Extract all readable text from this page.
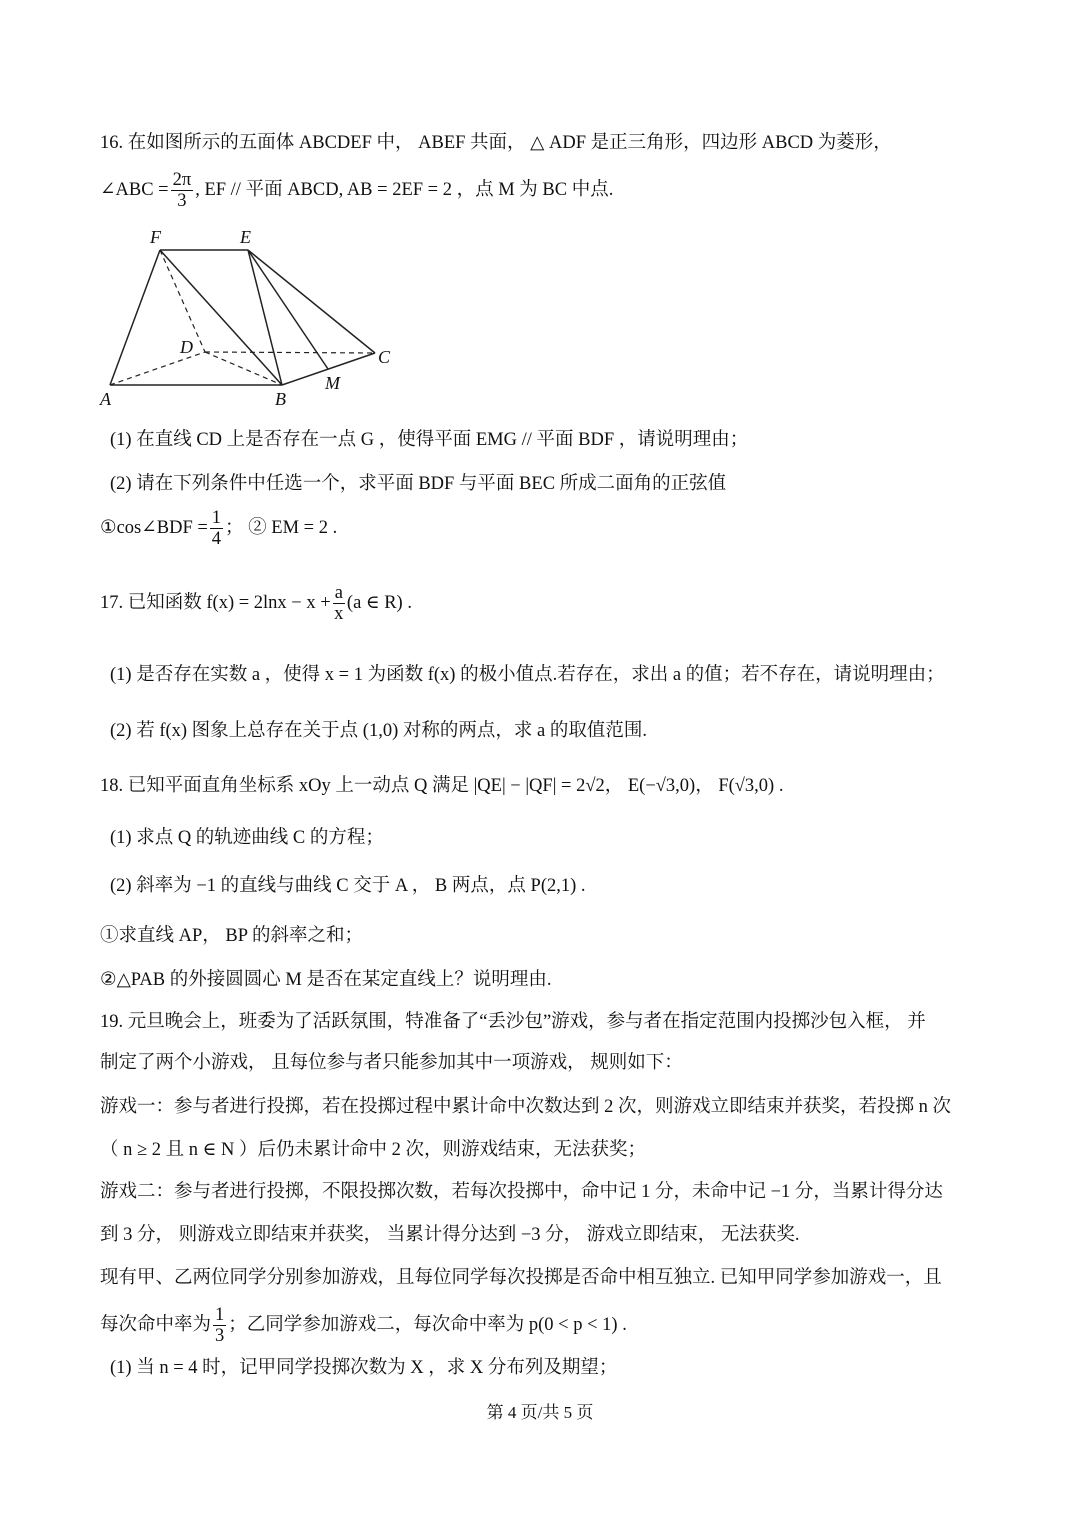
16. 在如图所示的五面体 ABCDEF 中， ABEF 共面， △ ADF 是正三角形，四边形 ABCD 为菱形，
∠ABC = $\frac{2\pi}{3}$ , EF // 平面 ABCD, AB = 2EF = 2 ，点 M 为 BC 中点.
F	E
D	C
A	B
M
(1) 在直线 CD 上是否存在一点 G ，使得平面 EMG // 平面 BDF ，请说明理由；
(2) 请在下列条件中任选一个，求平面 BDF 与平面 BEC 所成二面角的正弦值
①cos∠BDF = $\frac{1}{4}$ ； ② EM = 2 .
17. 已知函数 $f(x) = 2\ln x - x + \frac{a}{x} (a$ ∈ R) .
(1) 是否存在实数 a ，使得 x = 1 为函数 f(x) 的极小值点.若存在，求出 a 的值；若不存在，请说明理由；
(2) 若 f(x) 图象上总存在关于点 (1,0) 对称的两点，求 a 的取值范围.
18. 已知平面直角坐标系 xOy 上一动点 Q 满足 |QE| − |QF| = 2√2， E(−√3,0)， F(√3,0) .
(1) 求点 Q 的轨迹曲线 C 的方程；
(2) 斜率为 −1 的直线与曲线 C 交于 A ， B 两点，点 P(2,1) .
①求直线 AP， BP 的斜率之和；
②△PAB 的外接圆圆心 M 是否在某定直线上？说明理由.
19. 元旦晚会上，班委为了活跃氛围，特准备了“丢沙包”游戏，参与者在指定范围内投掷沙包入框， 并
制定了两个小游戏， 且每位参与者只能参加其中一项游戏， 规则如下：
游戏一：参与者进行投掷，若在投掷过程中累计命中次数达到 2 次，则游戏立即结束并获奖，若投掷 n 次
（ n ≥ 2 且 n ∈ N ）后仍未累计命中 2 次，则游戏结束，无法获奖；
游戏二：参与者进行投掷，不限投掷次数，若每次投掷中，命中记 1 分，未命中记 −1 分，当累计得分达
到 3 分， 则游戏立即结束并获奖， 当累计得分达到 −3 分， 游戏立即结束， 无法获奖.
现有甲、乙两位同学分别参加游戏，且每位同学每次投掷是否命中相互独立. 已知甲同学参加游戏一，且
每次命中率为 $\frac{1}{3}$ ；乙同学参加游戏二，每次命中率为 p(0 < p < 1) .
(1) 当 n = 4 时，记甲同学投掷次数为 X ，求 X 分布列及期望；
第 4 页/共 5 页
